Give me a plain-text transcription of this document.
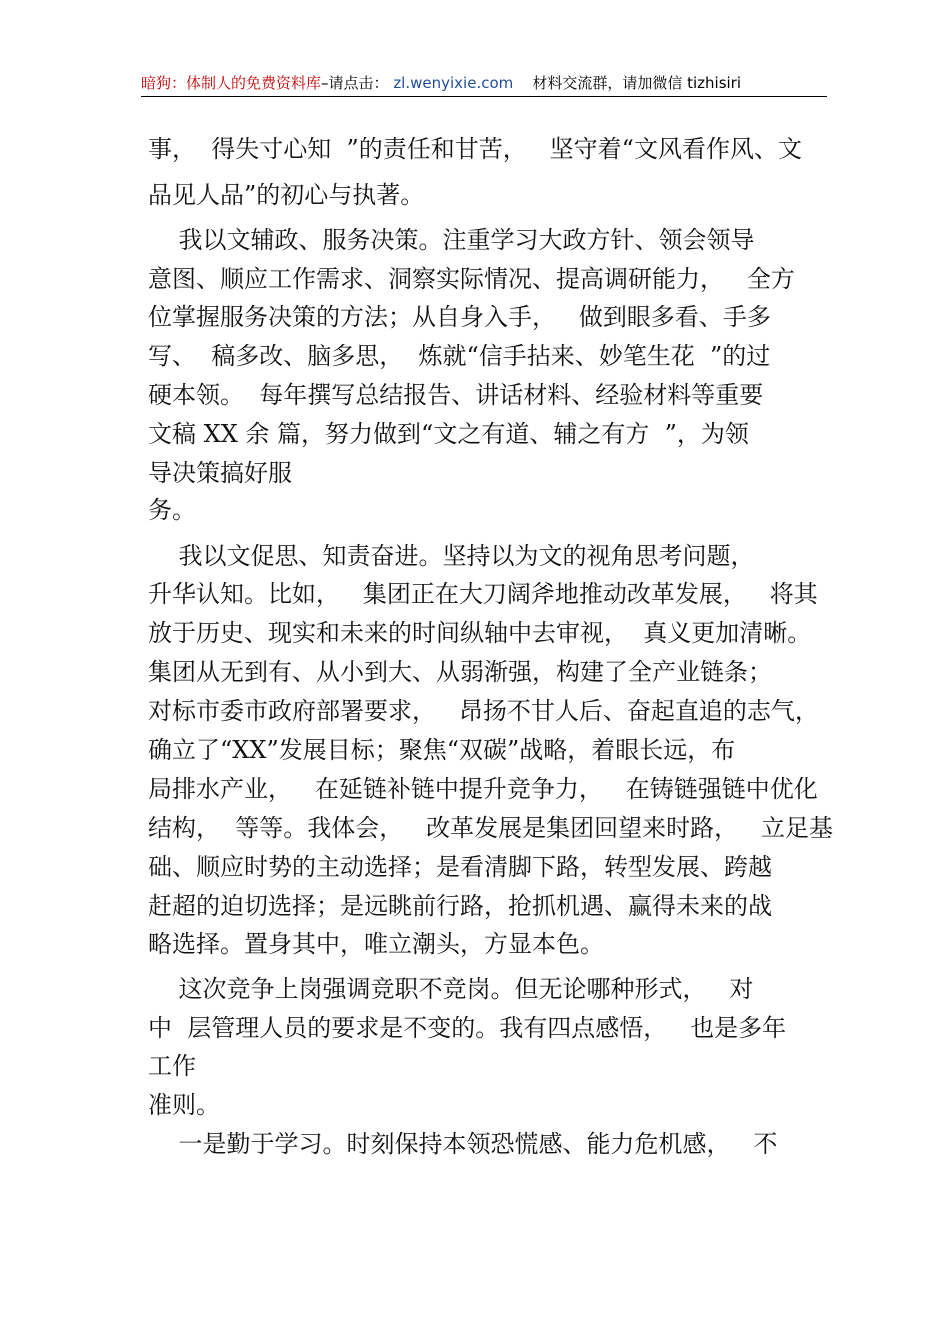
暗狗：体制人的免费资料库–请点击： zl.wenyixie.com 材料交流群，请加微信 tizhisiri
事，  得失寸心知  ”的责任和甘苦，   坚守着“文风看作风、文
品见人品”的初心与执著。
我以文辅政、服务决策。注重学习大政方针、领会领导
意图、顺应工作需求、洞察实际情况、提高调研能力，   全方
位掌握服务决策的方法；从自身入手，   做到眼多看、手多
写、  稿多改、脑多思，  炼就“信手拈来、妙笔生花  ”的过
硬本领。  每年撰写总结报告、讲话材料、经验材料等重要
文稿 XX 余 篇，努力做到“文之有道、辅之有方  ”，为领
导决策搞好服
务。
我以文促思、知责奋进。坚持以为文的视角思考问题，
升华认知。比如，   集团正在大刀阔斧地推动改革发展，   将其
放于历史、现实和未来的时间纵轴中去审视，  真义更加清晰。
集团从无到有、从小到大、从弱渐强，构建了全产业链条；
对标市委市政府部署要求，   昂扬不甘人后、奋起直追的志气，
确立了“XX”发展目标；聚焦“双碳”战略，着眼长远，布
局排水产业，   在延链补链中提升竞争力，   在铸链强链中优化
结构，  等等。我体会，   改革发展是集团回望来时路，   立足基
础、顺应时势的主动选择；是看清脚下路，转型发展、跨越
赶超的迫切选择；是远眺前行路，抢抓机遇、赢得未来的战
略选择。置身其中，唯立潮头，方显本色。
这次竞争上岗强调竞职不竞岗。但无论哪种形式，   对
中  层管理人员的要求是不变的。我有四点感悟，   也是多年
工作
准则。
一是勤于学习。时刻保持本领恐慌感、能力危机感，   不
